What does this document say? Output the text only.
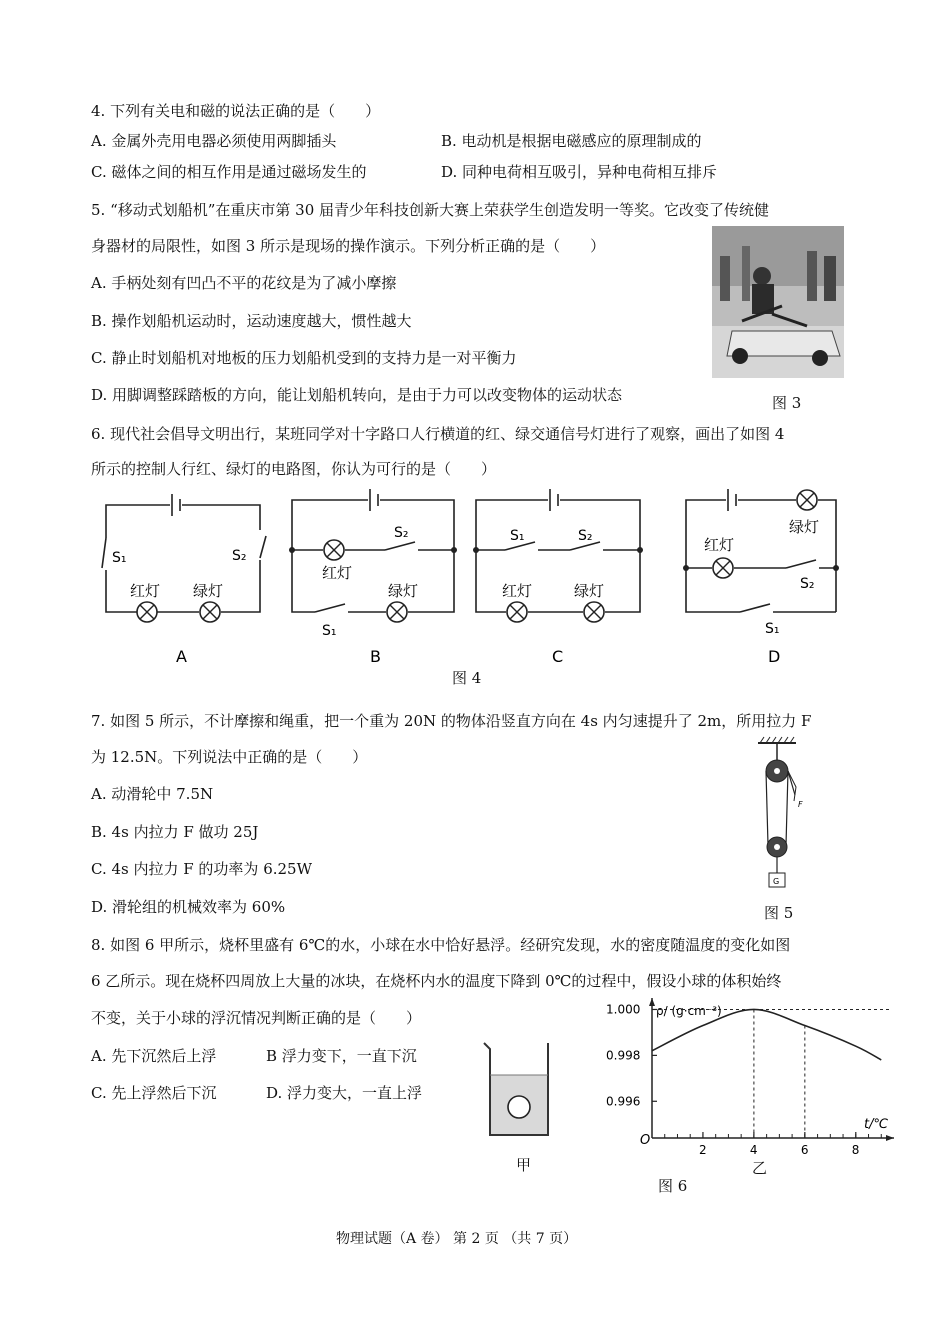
4. 下列有关电和磁的说法正确的是（　　）
A. 金属外壳用电器必须使用两脚插头	B. 电动机是根据电磁感应的原理制成的
C. 磁体之间的相互作用是通过磁场发生的	D. 同种电荷相互吸引，异种电荷相互排斥
5. “移动式划船机”在重庆市第 30 届青少年科技创新大赛上荣获学生创造发明一等奖。它改变了传统健
身器材的局限性，如图 3 所示是现场的操作演示。下列分析正确的是（　　）
A. 手柄处刻有凹凸不平的花纹是为了减小摩擦
B. 操作划船机运动时，运动速度越大，惯性越大
C. 静止时划船机对地板的压力划船机受到的支持力是一对平衡力
D. 用脚调整踩踏板的方向，能让划船机转向，是由于力可以改变物体的运动状态	图 3
6. 现代社会倡导文明出行，某班同学对十字路口人行横道的红、绿交通信号灯进行了观察，画出了如图 4
所示的控制人行红、绿灯的电路图，你认为可行的是（　　）
S₁	S₂
红灯 绿灯
A
S₂
红灯
绿灯
S₁
B
S₁	S₂
红灯	绿灯
C
绿灯
红灯
S₂
S₁
D
图 4
7. 如图 5 所示，不计摩擦和绳重，把一个重为 20N 的物体沿竖直方向在 4s 内匀速提升了 2m，所用拉力 F
为 12.5N。下列说法中正确的是（　　）
A. 动滑轮中 7.5N
B. 4s 内拉力 F 做功 25J
C. 4s 内拉力 F 的功率为 6.25W
D. 滑轮组的机械效率为 60%
F
G
图 5
8. 如图 6 甲所示，烧杯里盛有 6℃的水，小球在水中恰好悬浮。经研究发现，水的密度随温度的变化如图
6 乙所示。现在烧杯四周放上大量的冰块，在烧杯内水的温度下降到 0℃的过程中，假设小球的体积始终
不变，关于小球的浮沉情况判断正确的是（　　）
A. 先下沉然后上浮	B 浮力变下，一直下沉
C. 先上浮然后下沉	D. 浮力变大，一直上浮
甲
O
ρ/ (g·cm⁻³)
t/℃
2	4	6	8
1.000
0.998
0.996
乙
图 6
物理试题（A 卷） 第 2 页 （共 7 页）
